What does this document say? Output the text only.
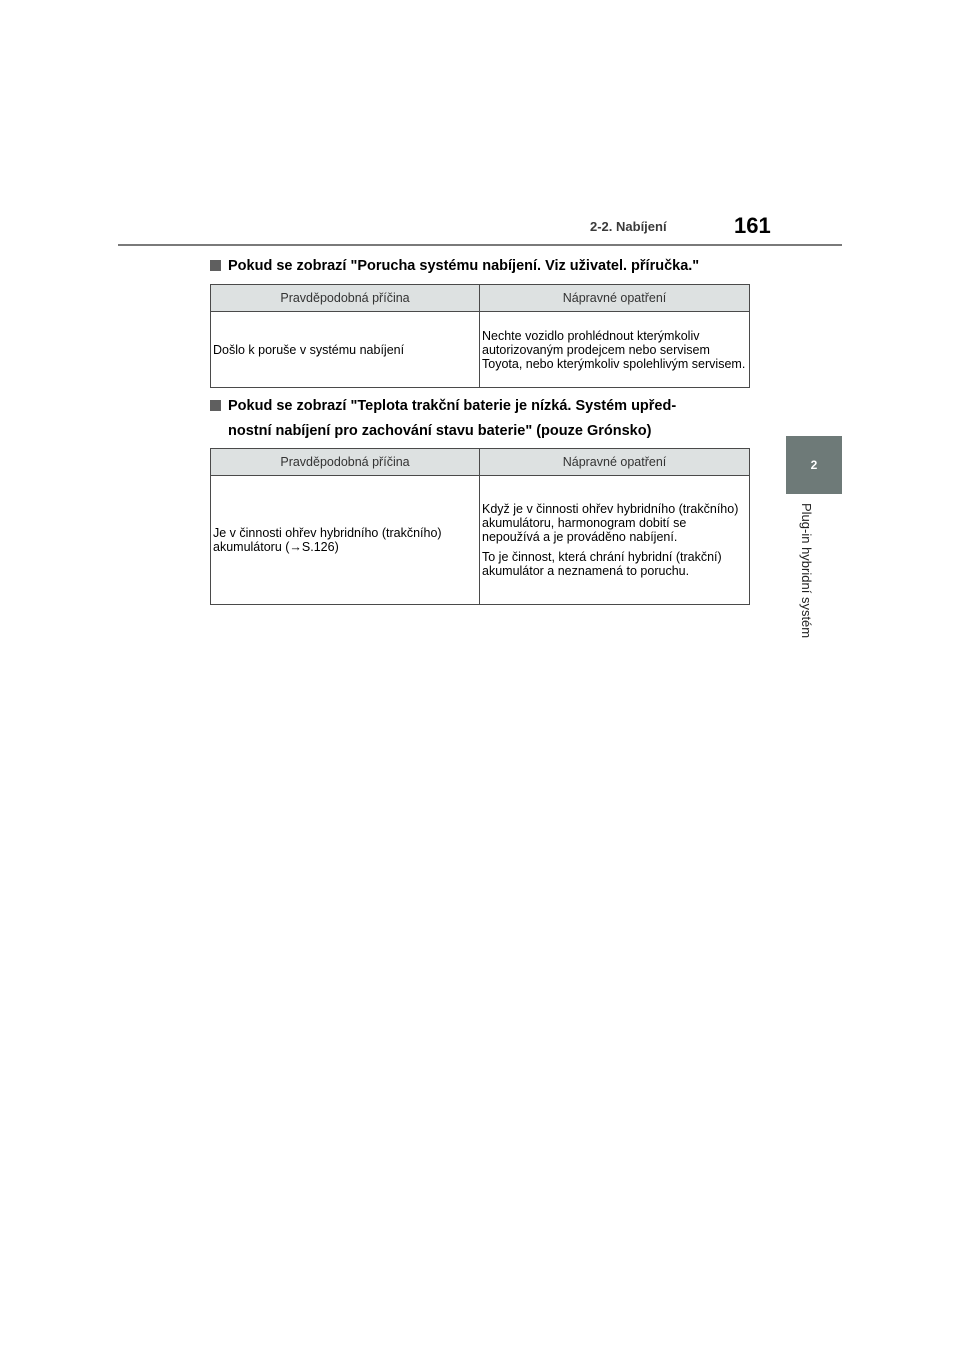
2-2. Nabíjení	161
2
Plug-in hybridní systém
Pokud se zobrazí "Porucha systému nabíjení. Viz uživatel. příručka."
Pravděpodobná příčina	Nápravné opatření
Došlo k poruše v systému nabíjení	Nechte vozidlo prohlédnout kterýmkoliv autorizovaným prodejcem nebo servisem Toyota, nebo kterýmkoliv spolehlivým servisem.
Pokud se zobrazí "Teplota trakční baterie je nízká. Systém upřed-
nostní nabíjení pro zachování stavu baterie" (pouze Grónsko)
Pravděpodobná příčina	Nápravné opatření
Je v činnosti ohřev hybridního (trakčního) akumulátoru (→S.126)	Když je v činnosti ohřev hybridního (trakčního) akumulátoru, harmonogram dobití se nepoužívá a je prováděno nabíjení.

To je činnost, která chrání hybridní (trakční) akumulátor a neznamená to poruchu.
